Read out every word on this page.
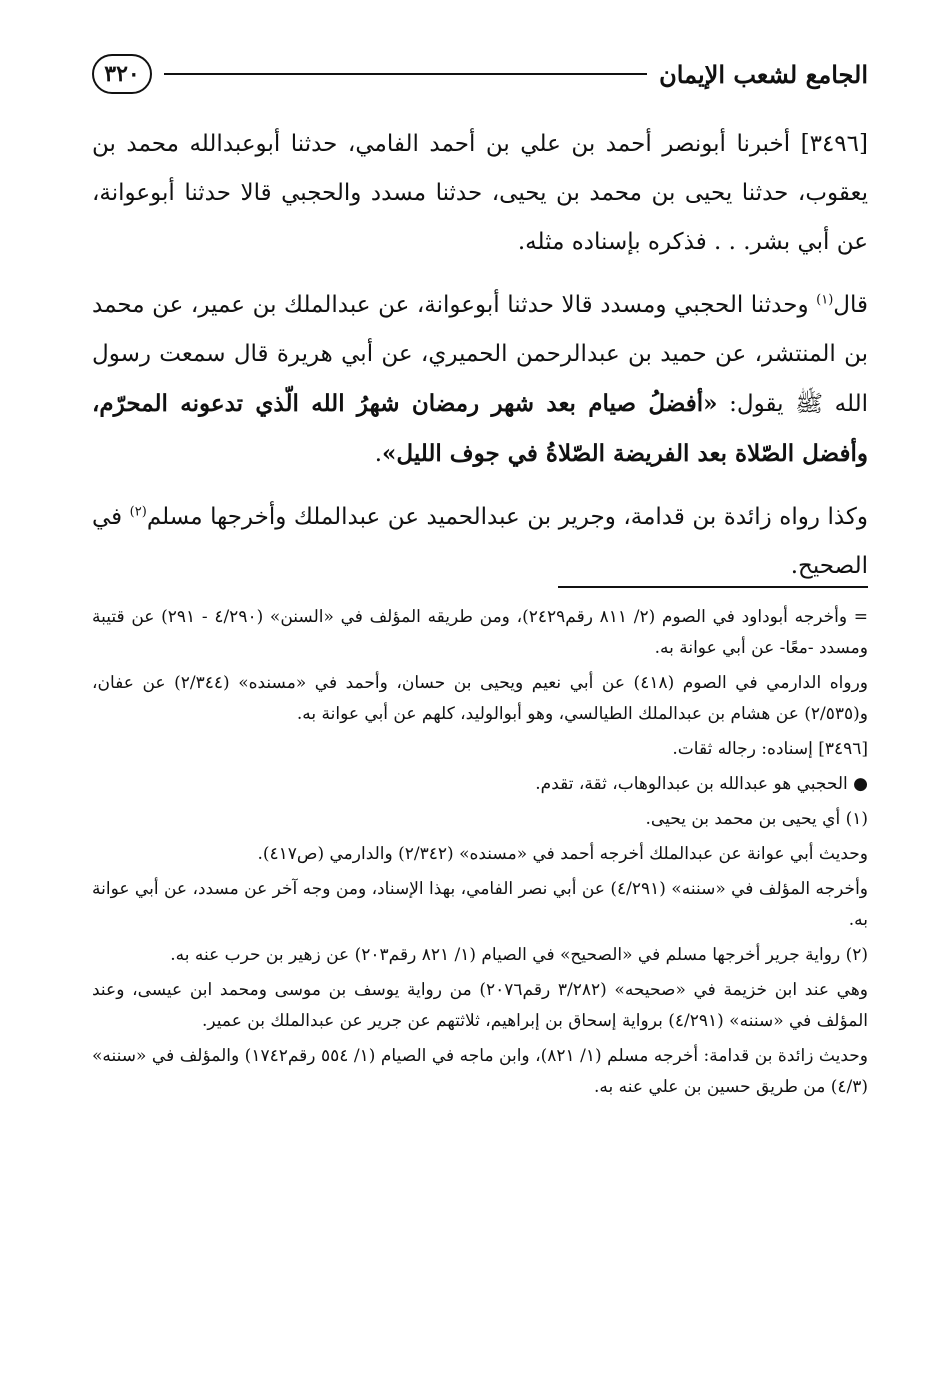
٣٢٠	الجامع لشعب الإيمان

[٣٤٩٦] أخبرنا أبونصر أحمد بن علي بن أحمد الفامي، حدثنا أبوعبدالله محمد بن يعقوب، حدثنا يحيى بن محمد بن يحيى، حدثنا مسدد والحجبي قالا حدثنا أبوعوانة، عن أبي بشر. . . فذكره بإسناده مثله.

قال$^{(١)}$ وحدثنا الحجبي ومسدد قالا حدثنا أبوعوانة، عن عبدالملك بن عمير، عن محمد بن المنتشر، عن حميد بن عبدالرحمن الحميري، عن أبي هريرة قال سمعت رسول الله ﷺ يقول: «أفضلُ صيام بعد شهر رمضان شهرُ الله الّذي تدعونه المحرّم، وأفضل الصّلاة بعد الفريضة الصّلاةُ في جوف الليل».

وكذا رواه زائدة بن قدامة، وجرير بن عبدالحميد عن عبدالملك وأخرجها مسلم$^{(٢)}$ في الصحيح.

= وأخرجه أبوداود في الصوم (٢/ ٨١١ رقم٢٤٢٩)، ومن طريقه المؤلف في «السنن» (٤/٢٩٠ - ٢٩١) عن قتيبة ومسدد -معًا- عن أبي عوانة به.

ورواه الدارمي في الصوم (٤١٨) عن أبي نعيم ويحيى بن حسان، وأحمد في «مسنده» (٢/٣٤٤) عن عفان، و(٢/٥٣٥) عن هشام بن عبدالملك الطيالسي، وهو أبوالوليد، كلهم عن أبي عوانة به.

[٣٤٩٦] إسناده: رجاله ثقات.

● الحجبي هو عبدالله بن عبدالوهاب، ثقة، تقدم.

(١) أي يحيى بن محمد بن يحيى.

وحديث أبي عوانة عن عبدالملك أخرجه أحمد في «مسنده» (٢/٣٤٢) والدارمي (ص٤١٧).

وأخرجه المؤلف في «سننه» (٤/٢٩١) عن أبي نصر الفامي، بهذا الإسناد، ومن وجه آخر عن مسدد، عن أبي عوانة به.

(٢) رواية جرير أخرجها مسلم في «الصحيح» في الصيام (١/ ٨٢١ رقم٢٠٣) عن زهير بن حرب عنه به.

وهي عند ابن خزيمة في «صحيحه» (٣/٢٨٢ رقم٢٠٧٦) من رواية يوسف بن موسى ومحمد ابن عيسى، وعند المؤلف في «سننه» (٤/٢٩١) برواية إسحاق بن إبراهيم، ثلاثتهم عن جرير عن عبدالملك بن عمير.

وحديث زائدة بن قدامة: أخرجه مسلم (١/ ٨٢١)، وابن ماجه في الصيام (١/ ٥٥٤ رقم١٧٤٢) والمؤلف في «سننه» (٤/٣) من طريق حسين بن علي عنه به.
